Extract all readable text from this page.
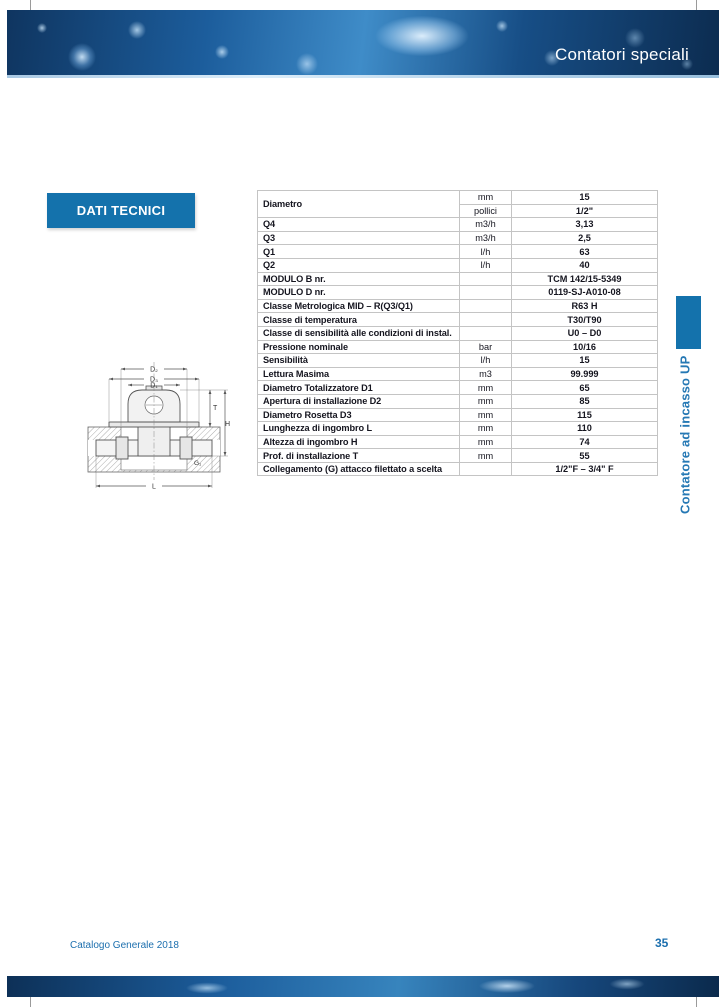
Contatori speciali
DATI TECNICI	Diametro	mm	15
	pollici	1/2"
Q4	m3/h	3,13
Q3	m3/h	2,5
Q1	l/h	63
Q2	l/h	40
MODULO B nr.		TCM 142/15-5349
MODULO D nr.		0119-SJ-A010-08
Classe Metrologica MID – R(Q3/Q1)		R63 H
Classe di temperatura		T30/T90
Classe di sensibilità alle condizioni di instal.		U0 – D0
Pressione nominale	bar	10/16
Sensibilità	l/h	15
Lettura Masima	m3	99.999
Diametro Totalizzatore D1	mm	65
Apertura di installazione D2	mm	85
Diametro Rosetta D3	mm	115
Lunghezza di ingombro L	mm	110
Altezza di ingombro H	mm	74
Prof. di installazione T	mm	55
Collegamento (G) attacco filettato a scelta		1/2"F – 3/4" F
D₂
D₃
D₁
T
H
G₁
L	Contatore ad incasso UP
Catalogo Generale 2018	35
